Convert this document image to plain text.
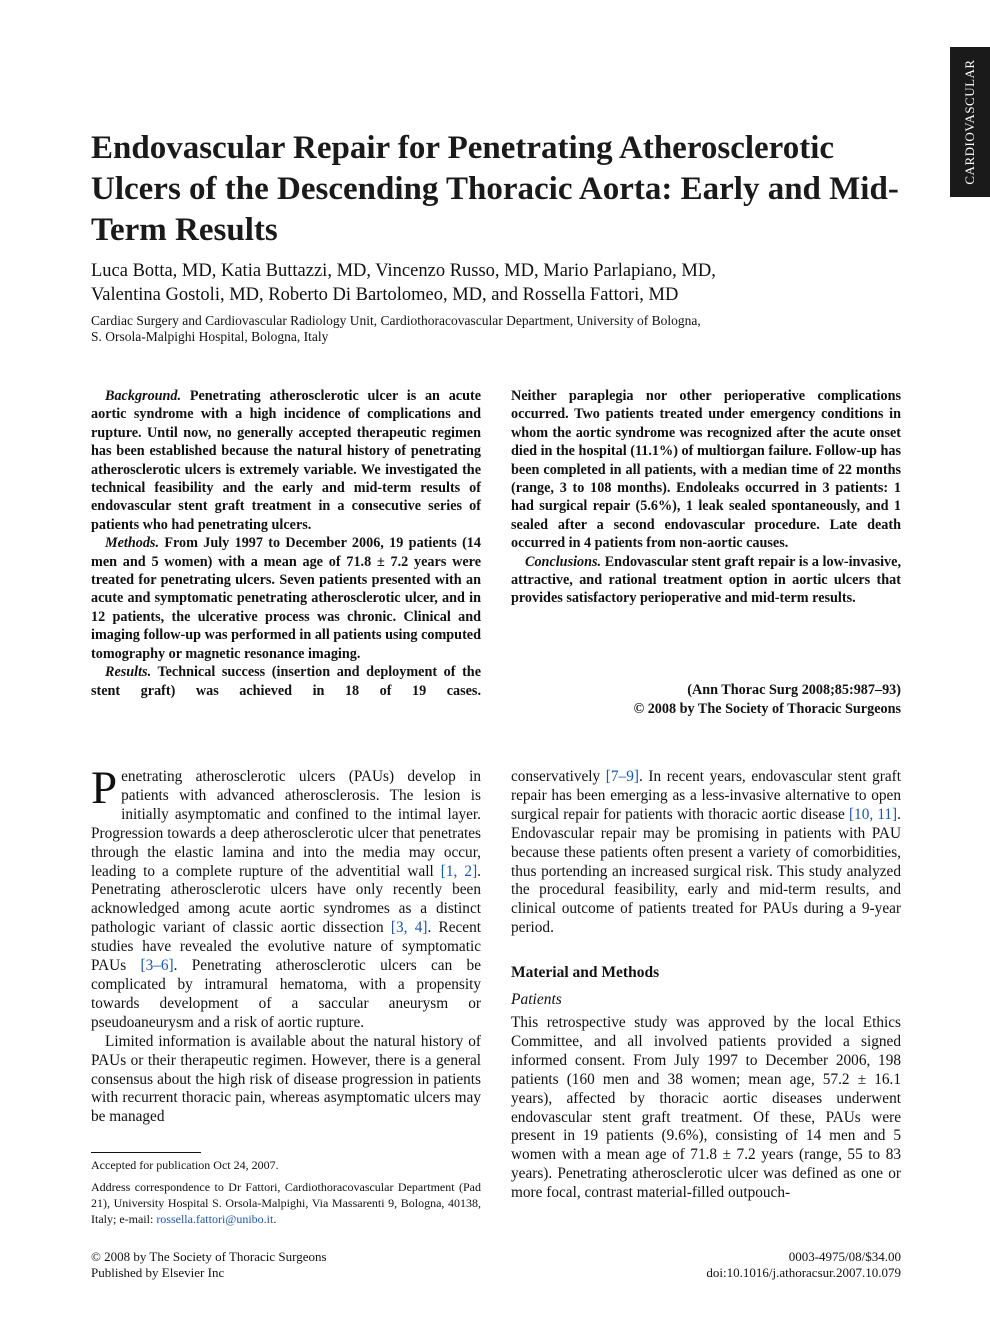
CARDIOVASCULAR
Endovascular Repair for Penetrating Atherosclerotic Ulcers of the Descending Thoracic Aorta: Early and Mid-Term Results
Luca Botta, MD, Katia Buttazzi, MD, Vincenzo Russo, MD, Mario Parlapiano, MD,
Valentina Gostoli, MD, Roberto Di Bartolomeo, MD, and Rossella Fattori, MD
Cardiac Surgery and Cardiovascular Radiology Unit, Cardiothoracovascular Department, University of Bologna,
S. Orsola-Malpighi Hospital, Bologna, Italy

Background. Penetrating atherosclerotic ulcer is an acute aortic syndrome with a high incidence of complications and rupture. Until now, no generally accepted therapeutic regimen has been established because the natural history of penetrating atherosclerotic ulcers is extremely variable. We investigated the technical feasibility and the early and mid-term results of endovascular stent graft treatment in a consecutive series of patients who had penetrating ulcers.

Methods. From July 1997 to December 2006, 19 patients (14 men and 5 women) with a mean age of 71.8 ± 7.2 years were treated for penetrating ulcers. Seven patients presented with an acute and symptomatic penetrating atherosclerotic ulcer, and in 12 patients, the ulcerative process was chronic. Clinical and imaging follow-up was performed in all patients using computed tomography or magnetic resonance imaging.

Results. Technical success (insertion and deployment of the stent graft) was achieved in 18 of 19 cases.

Neither paraplegia nor other perioperative complications occurred. Two patients treated under emergency conditions in whom the aortic syndrome was recognized after the acute onset died in the hospital (11.1%) of multiorgan failure. Follow-up has been completed in all patients, with a median time of 22 months (range, 3 to 108 months). Endoleaks occurred in 3 patients: 1 had surgical repair (5.6%), 1 leak sealed spontaneously, and 1 sealed after a second endovascular procedure. Late death occurred in 4 patients from non-aortic causes.

Conclusions. Endovascular stent graft repair is a low-invasive, attractive, and rational treatment option in aortic ulcers that provides satisfactory perioperative and mid-term results.

(Ann Thorac Surg 2008;85:987–93)
© 2008 by The Society of Thoracic Surgeons

Penetrating atherosclerotic ulcers (PAUs) develop in patients with advanced atherosclerosis. The lesion is initially asymptomatic and confined to the intimal layer. Progression towards a deep atherosclerotic ulcer that penetrates through the elastic lamina and into the media may occur, leading to a complete rupture of the adventitial wall [1, 2]. Penetrating atherosclerotic ulcers have only recently been acknowledged among acute aortic syndromes as a distinct pathologic variant of classic aortic dissection [3, 4]. Recent studies have revealed the evolutive nature of symptomatic PAUs [3–6]. Penetrating atherosclerotic ulcers can be complicated by intramural hematoma, with a propensity towards development of a saccular aneurysm or pseudoaneurysm and a risk of aortic rupture.

Limited information is available about the natural history of PAUs or their therapeutic regimen. However, there is a general consensus about the high risk of disease progression in patients with recurrent thoracic pain, whereas asymptomatic ulcers may be managed

conservatively [7–9]. In recent years, endovascular stent graft repair has been emerging as a less-invasive alternative to open surgical repair for patients with thoracic aortic disease [10, 11]. Endovascular repair may be promising in patients with PAU because these patients often present a variety of comorbidities, thus portending an increased surgical risk. This study analyzed the procedural feasibility, early and mid-term results, and clinical outcome of patients treated for PAUs during a 9-year period.

Material and Methods

Patients

This retrospective study was approved by the local Ethics Committee, and all involved patients provided a signed informed consent. From July 1997 to December 2006, 198 patients (160 men and 38 women; mean age, 57.2 ± 16.1 years), affected by thoracic aortic diseases underwent endovascular stent graft treatment. Of these, PAUs were present in 19 patients (9.6%), consisting of 14 men and 5 women with a mean age of 71.8 ± 7.2 years (range, 55 to 83 years). Penetrating atherosclerotic ulcer was defined as one or more focal, contrast material-filled outpouch-

Accepted for publication Oct 24, 2007.

Address correspondence to Dr Fattori, Cardiothoracovascular Department (Pad 21), University Hospital S. Orsola-Malpighi, Via Massarenti 9, Bologna, 40138, Italy; e-mail: rossella.fattori@unibo.it.

© 2008 by The Society of Thoracic Surgeons
Published by Elsevier Inc
0003-4975/08/$34.00
doi:10.1016/j.athoracsur.2007.10.079
